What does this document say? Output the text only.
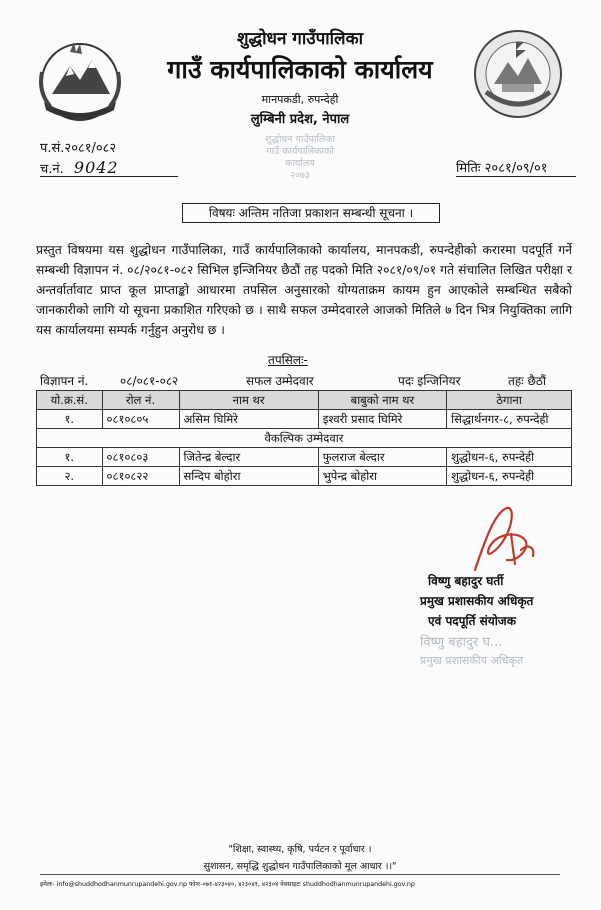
शुद्धोधन गाउँपालिका
गाउँ कार्यपालिकाको कार्यालय
मानपकडी, रुपन्देही
लुम्बिनी प्रदेश, नेपाल
प.सं.२०८१/०८२
च.नं. 9042	मितिः २०८१/०९/०१
शुद्धोधन गाउँपालिका
गाउँ कार्यपालिकाको
कार्यालय
२०७३
विषयः अन्तिम नतिजा प्रकाशन सम्बन्धी सूचना ।
प्रस्तुत विषयमा यस शुद्धोधन गाउँपालिका, गाउँ कार्यपालिकाको कार्यालय, मानपकडी, रुपन्देहीको करारमा पदपूर्ति गर्ने सम्बन्धी विज्ञापन नं. ०८/२०८१-०८२ सिभिल इन्जिनियर छैठौं तह पदको मिति २०८१/०९/०१ गते संचालित लिखित परीक्षा र अन्तर्वार्तावाट प्राप्त कूल प्राप्ताङ्को आधारमा तपसिल अनुसारको योग्यताक्रम कायम हुन आएकोले सम्बन्धित सबैको जानकारीको लागि यो सूचना प्रकाशित गरिएको छ । साथै सफल उम्मेदवारले आजको मितिले ७ दिन भित्र नियुक्तिका लागि यस कार्यालयमा सम्पर्क गर्नुहुन अनुरोध छ ।
तपसिलः-
विज्ञापन नं.	०८/०८१-०८२	सफल उम्मेदवार	पदः इन्जिनियर	तहः छैठौं
यो.क्र.सं.	रोल नं.	नाम थर	बाबुको नाम थर	ठेगाना
१.	०८१०८०५	असिम घिमिरे	इश्वरी प्रसाद घिमिरे	सिद्धार्थनगर-८, रुपन्देही
वैकल्पिक उम्मेदवार				
१.	०८१०८०३	जितेन्द्र बेल्दार	फुलराज बेल्दार	शुद्धोधन-६, रुपन्देही
२.	०८१०८२२	सन्दिप बोहोरा	भुपेन्द्र बोहोरा	शुद्धोधन-६, रुपन्देही
विष्णु बहादुर घर्ती
प्रमुख प्रशासकीय अधिकृत
एवं पदपूर्ति संयोजक
विष्णु बहादुर घ...
प्रमुख प्रशासकीय अधिकृत
"शिक्षा, स्वास्थ्य, कृषि, पर्यटन र पूर्वाधार ।
सुशासन, समृद्धि शुद्धोधन गाउँपालिकाको मूल आधार ।।"
इमेलः- info@shuddhodhanmunrupandehi.gov.np फोनः-०७१-४२३०४०, ४२३०४१, ४२३०४ वेवसाइटः shuddhodhanmunrupandehi.gov.np
